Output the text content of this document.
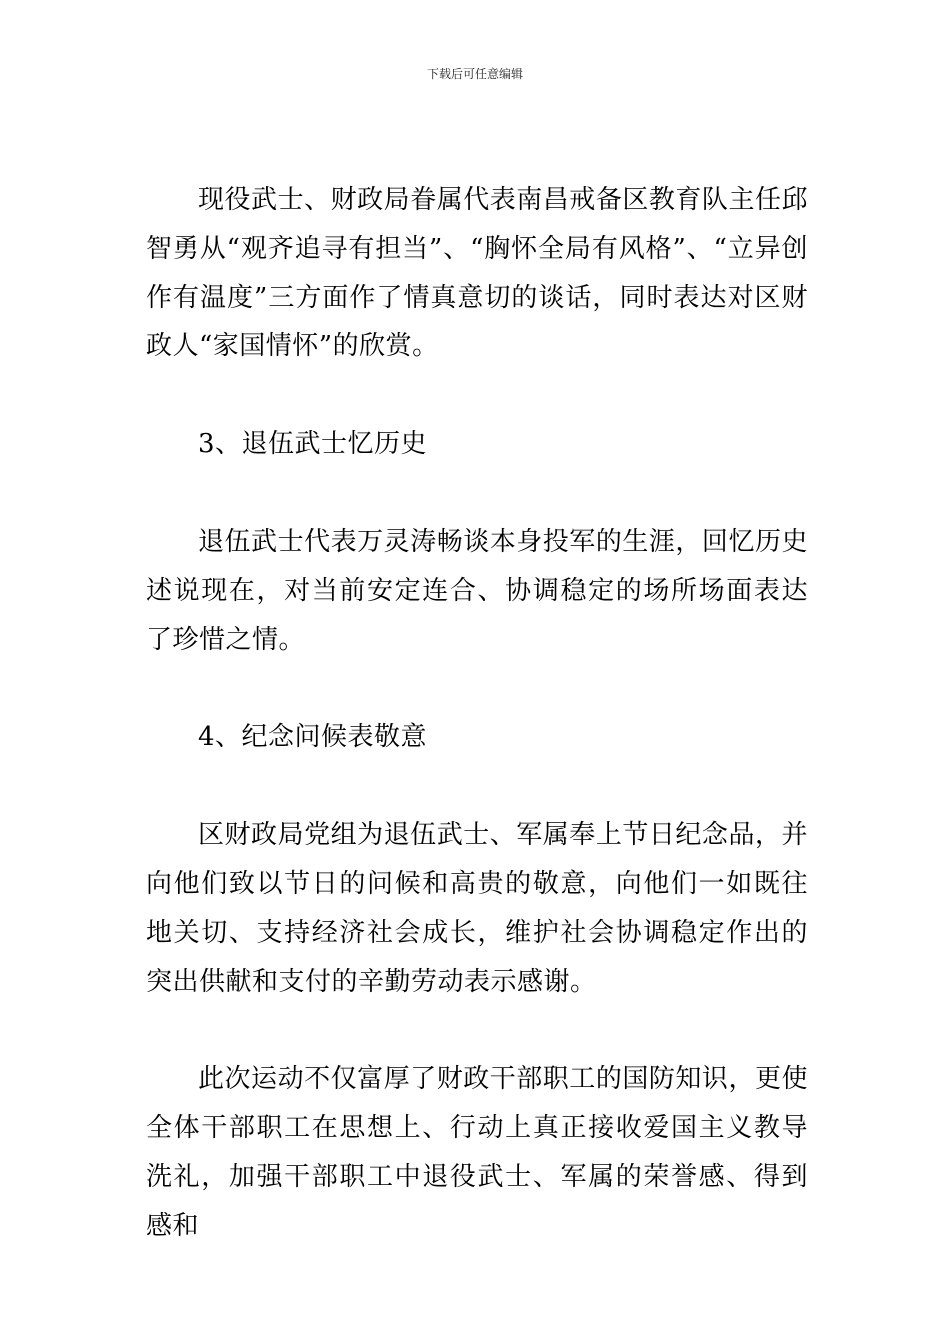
下载后可任意编辑

现役武士、财政局眷属代表南昌戒备区教育队主任邱智勇从“观齐追寻有担当”、“胸怀全局有风格”、“立异创作有温度”三方面作了情真意切的谈话，同时表达对区财政人“家国情怀”的欣赏。

3、退伍武士忆历史

退伍武士代表万灵涛畅谈本身投军的生涯，回忆历史述说现在，对当前安定连合、协调稳定的场所场面表达了珍惜之情。

4、纪念问候表敬意

区财政局党组为退伍武士、军属奉上节日纪念品，并向他们致以节日的问候和高贵的敬意，向他们一如既往地关切、支持经济社会成长，维护社会协调稳定作出的突出供献和支付的辛勤劳动表示感谢。

此次运动不仅富厚了财政干部职工的国防知识，更使全体干部职工在思想上、行动上真正接收爱国主义教导洗礼，加强干部职工中退役武士、军属的荣誉感、得到感和
